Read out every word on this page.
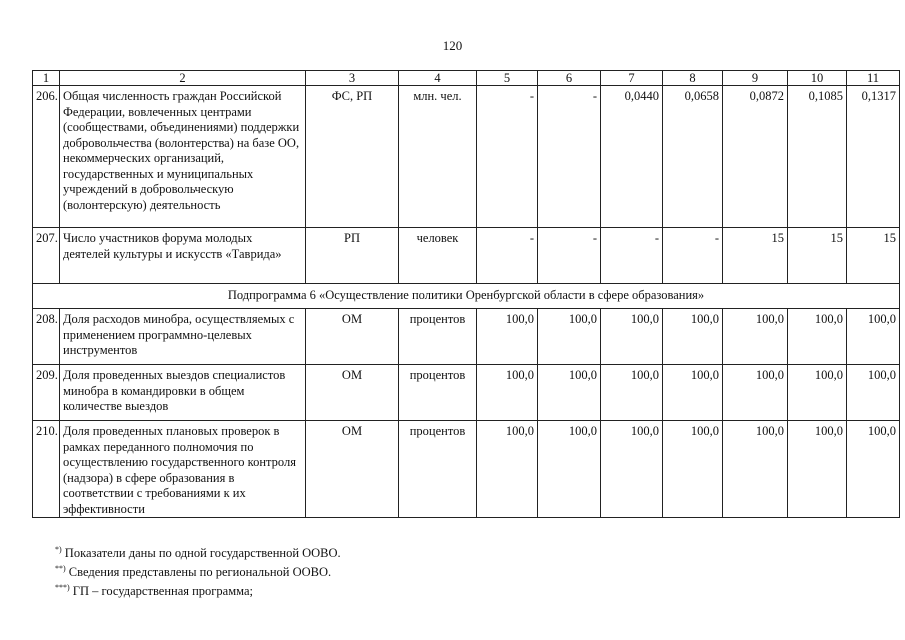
120
1	2	3	4	5	6	7	8	9	10	11
206.	Общая численность граждан Российской Федерации, вовлеченных центрами (сообществами, объединениями) поддержки добровольчества (волонтерства) на базе ОО, некоммерческих организаций, государственных и муниципальных учреждений в добровольческую (волонтерскую) деятельность	ФС, РП	млн. чел.	-	-	0,0440	0,0658	0,0872	0,1085	0,1317
207.	Число участников форума молодых деятелей культуры и искусств «Таврида»	РП	человек	-	-	-	-	15	15	15
Подпрограмма 6 «Осуществление политики Оренбургской области в сфере образования»										
208.	Доля расходов минобра, осуществляемых с применением программно-целевых инструментов	ОМ	процентов	100,0	100,0	100,0	100,0	100,0	100,0	100,0
209.	Доля проведенных выездов специалистов минобра в командировки в общем количестве выездов	ОМ	процентов	100,0	100,0	100,0	100,0	100,0	100,0	100,0
210.	Доля проведенных плановых проверок в рамках переданного полномочия по осуществлению государственного контроля (надзора) в сфере образования в соответствии с требованиями к их эффективности	ОМ	процентов	100,0	100,0	100,0	100,0	100,0	100,0	100,0
*) Показатели даны по одной государственной ООВО.
**) Сведения представлены по региональной ООВО.
***) ГП – государственная программа;
